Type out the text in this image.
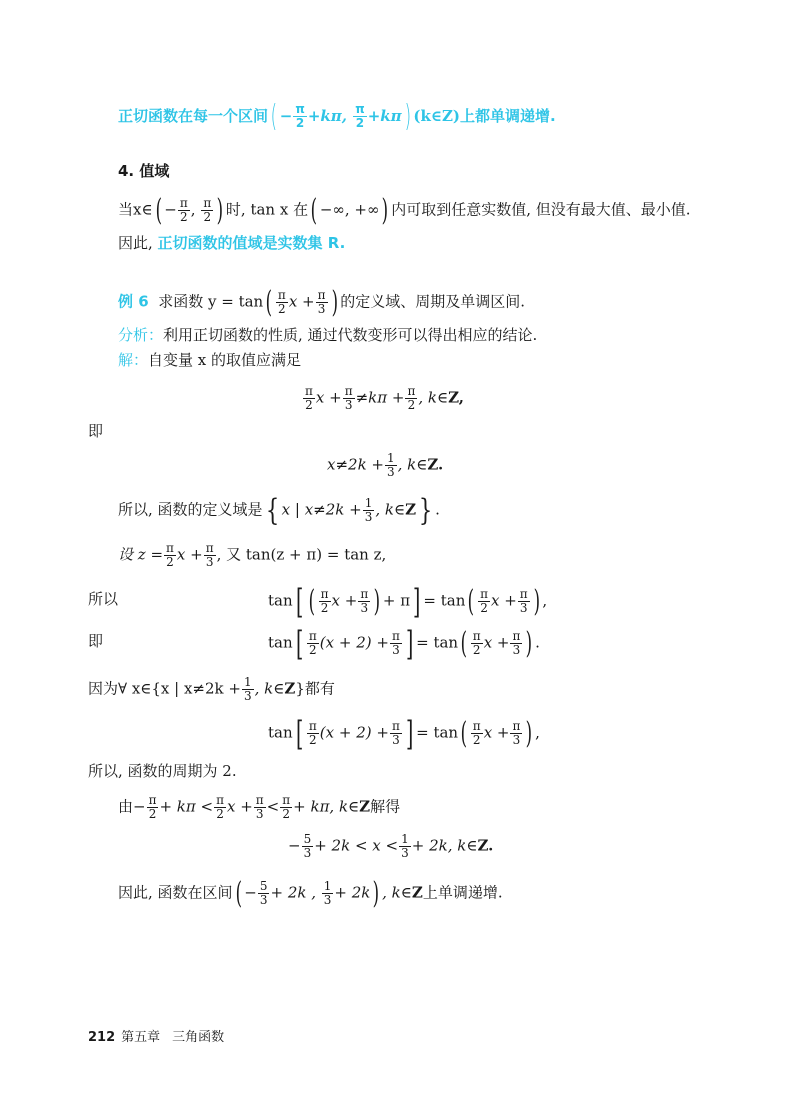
正切函数在每一个区间( − $\frac{\pi}{2} +k\pi$, $\frac{\pi}{2} +k\pi$) (k∈Z)上都单调递增.
4. 值域
当x∈( − $\frac{\pi}{2}$ , $\frac{\pi}{2}$ ) 时, tan x 在( −∞, +∞) 内可取到任意实数值, 但没有最大值、最小值.
因此, 正切函数的值域是实数集 R.
例 6 求函数 $y = \tan( \frac{\pi}{2}$ $x + \frac{\pi}{3}$ ) 的定义域、周期及单调区间.
分析：利用正切函数的性质, 通过代数变形可以得出相应的结论.
解：自变量 x 的取值应满足
$\frac{\pi}{2}$ $x + \frac{\pi}{3} \ne k\pi + \frac{\pi}{2}$ , k∈Z,
即
$x\ne 2k + \frac{1}{3}$ , k∈Z.
所以, 函数的定义域是{ x | $x\ne 2k + \frac{1}{3}$ , k∈Z} .
设 $z = \frac{\pi}{2}$ $x + \frac{\pi}{3}$ , 又 tan(z + π) = tan z,
所以	tan[ ( $\frac{\pi}{2}$ $x + \frac{\pi}{3}$ ) + $\pi] = \tan( \frac{\pi}{2}$ $x + \frac{\pi}{3}$ ) ,
即	$\tan[ \frac{\pi}{2} (x + 2) + \frac{\pi}{3}$ ] = $\tan( \frac{\pi}{2}$ $x + \frac{\pi}{3}$ ) .
因为∀ x∈{x | $x\ne 2k + \frac{1}{3}$ , k∈Z}都有
$\tan[ \frac{\pi}{2} (x + 2) + \frac{\pi}{3}$ ] = $\tan( \frac{\pi}{2}$ $x + \frac{\pi}{3}$ ) ,
所以, 函数的周期为 2.
由− $\frac{\pi}{2} + k\pi < \frac{\pi}{2}$ $x + \frac{\pi}{3} < \frac{\pi}{2} + k\pi$, k∈Z解得
− $\frac{5}{3} + 2k < x < \frac{1}{3} + 2k$, k∈Z.
因此, 函数在区间( − $\frac{5}{3} + 2k$ , $\frac{1}{3} + 2k$) , k∈Z上单调递增.
212 第五章 三角函数
